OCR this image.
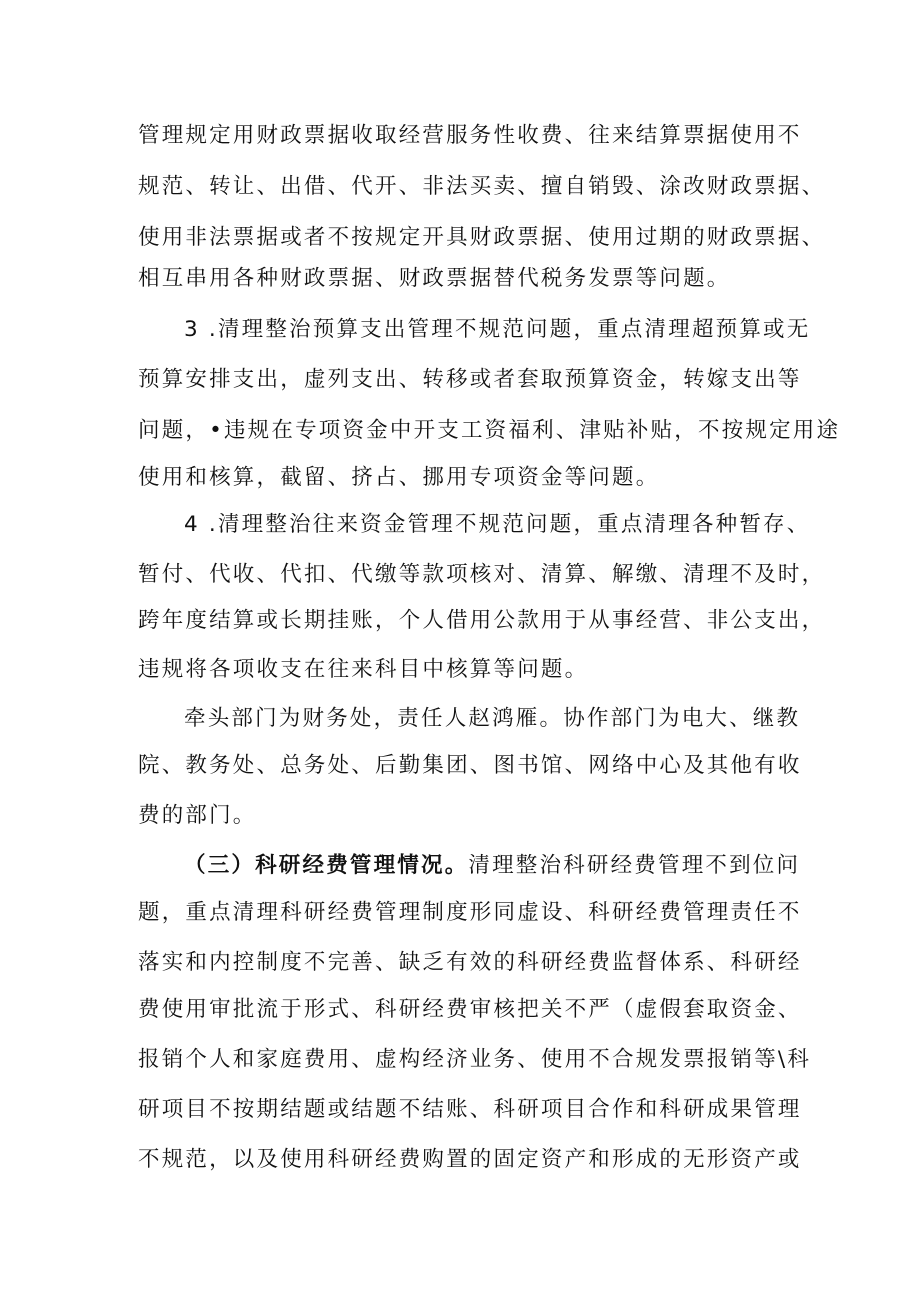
管理规定用财政票据收取经营服务性收费、往来结算票据使用不
规范、转让、出借、代开、非法买卖、擅自销毁、涂改财政票据、
使用非法票据或者不按规定开具财政票据、使用过期的财政票据、
相互串用各种财政票据、财政票据替代税务发票等问题。
3 .清理整治预算支出管理不规范问题，重点清理超预算或无
预算安排支出，虚列支出、转移或者套取预算资金，转嫁支出等
问题，•违规在专项资金中开支工资福利、津贴补贴，不按规定用途
使用和核算，截留、挤占、挪用专项资金等问题。
4 .清理整治往来资金管理不规范问题，重点清理各种暂存、
暂付、代收、代扣、代缴等款项核对、清算、解缴、清理不及时，
跨年度结算或长期挂账，个人借用公款用于从事经营、非公支出，
违规将各项收支在往来科目中核算等问题。
牵头部门为财务处，责任人赵鸿雁。协作部门为电大、继教
院、教务处、总务处、后勤集团、图书馆、网络中心及其他有收
费的部门。
（三）科研经费管理情况。清理整治科研经费管理不到位问
题，重点清理科研经费管理制度形同虚设、科研经费管理责任不
落实和内控制度不完善、缺乏有效的科研经费监督体系、科研经
费使用审批流于形式、科研经费审核把关不严（虚假套取资金、
报销个人和家庭费用、虚构经济业务、使用不合规发票报销等\科
研项目不按期结题或结题不结账、科研项目合作和科研成果管理
不规范，以及使用科研经费购置的固定资产和形成的无形资产或
